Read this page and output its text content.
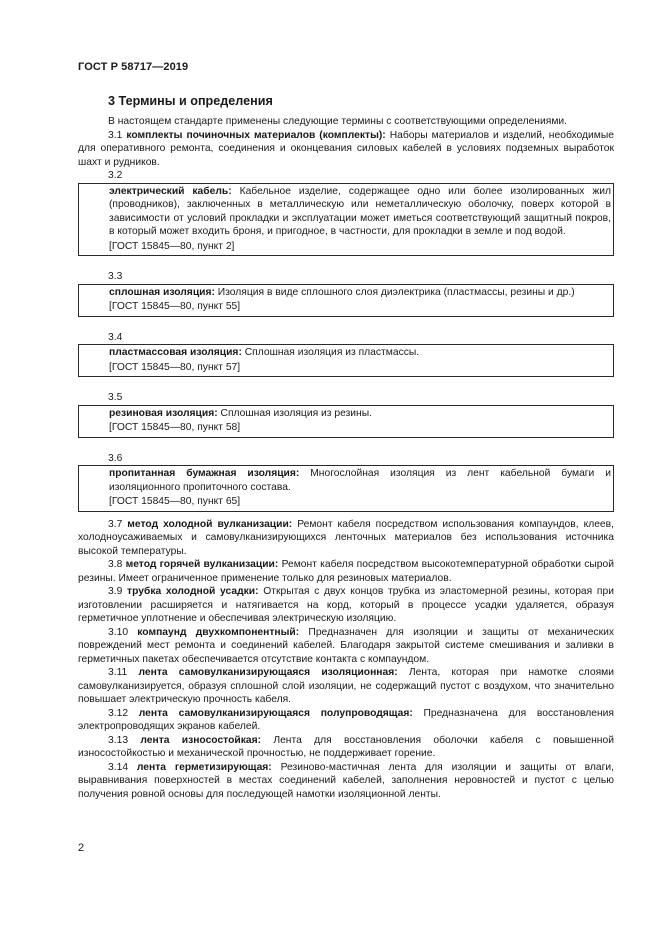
ГОСТ Р 58717—2019
3 Термины и определения

В настоящем стандарте применены следующие термины с соответствующими определениями.

3.1 комплекты починочных материалов (комплекты): Наборы материалов и изделий, необходимые для оперативного ремонта, соединения и оконцевания силовых кабелей в условиях подземных выработок шахт и рудников.

3.2

электрический кабель: Кабельное изделие, содержащее одно или более изолированных жил (проводников), заключенных в металлическую или неметаллическую оболочку, поверх которой в зависимости от условий прокладки и эксплуатации может иметься соответствующий защитный покров, в который может входить броня, и пригодное, в частности, для прокладки в земле и под водой.

[ГОСТ 15845—80, пункт 2]

3.3

сплошная изоляция: Изоляция в виде сплошного слоя диэлектрика (пластмассы, резины и др.)

[ГОСТ 15845—80, пункт 55]

3.4

пластмассовая изоляция: Сплошная изоляция из пластмассы.

[ГОСТ 15845—80, пункт 57]

3.5

резиновая изоляция: Сплошная изоляция из резины.

[ГОСТ 15845—80, пункт 58]

3.6

пропитанная бумажная изоляция: Многослойная изоляция из лент кабельной бумаги и изоляционного пропиточного состава.

[ГОСТ 15845—80, пункт 65]

3.7 метод холодной вулканизации: Ремонт кабеля посредством использования компаундов, клеев, холодноусаживаемых и самовулканизирующихся ленточных материалов без использования источника высокой температуры.

3.8 метод горячей вулканизации: Ремонт кабеля посредством высокотемпературной обработки сырой резины. Имеет ограниченное применение только для резиновых материалов.

3.9 трубка холодной усадки: Открытая с двух концов трубка из эластомерной резины, которая при изготовлении расширяется и натягивается на корд, который в процессе усадки удаляется, образуя герметичное уплотнение и обеспечивая электрическую изоляцию.

3.10 компаунд двухкомпонентный: Предназначен для изоляции и защиты от механических повреждений мест ремонта и соединений кабелей. Благодаря закрытой системе смешивания и заливки в герметичных пакетах обеспечивается отсутствие контакта с компаундом.

3.11 лента самовулканизирующаяся изоляционная: Лента, которая при намотке слоями самовулканизируется, образуя сплошной слой изоляции, не содержащий пустот с воздухом, что значительно повышает электрическую прочность кабеля.

3.12 лента самовулканизирующаяся полупроводящая: Предназначена для восстановления электропроводящих экранов кабелей.

3.13 лента износостойкая: Лента для восстановления оболочки кабеля с повышенной износостойкостью и механической прочностью, не поддерживает горение.

3.14 лента герметизирующая: Резиново-мастичная лента для изоляции и защиты от влаги, выравнивания поверхностей в местах соединений кабелей, заполнения неровностей и пустот с целью получения ровной основы для последующей намотки изоляционной ленты.

2
